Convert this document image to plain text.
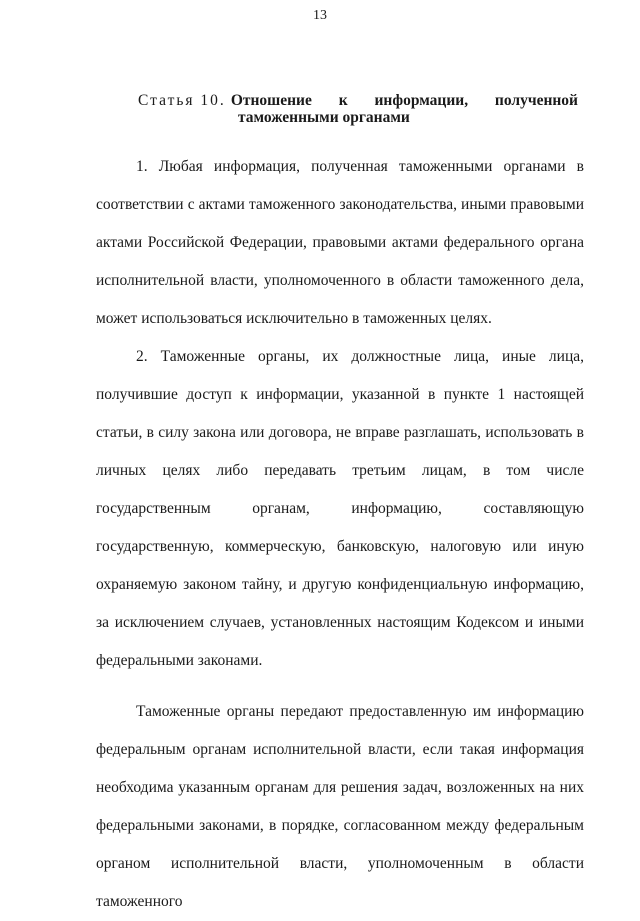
13
Статья 10. Отношение к информации, полученной
таможенными органами

1. Любая информация, полученная таможенными органами в соответствии с актами таможенного законодательства, иными правовыми актами Российской Федерации, правовыми актами федерального органа исполнительной власти, уполномоченного в области таможенного дела, может использоваться исключительно в таможенных целях.

2. Таможенные органы, их должностные лица, иные лица, получившие доступ к информации, указанной в пункте 1 настоящей статьи, в силу закона или договора, не вправе разглашать, использовать в личных целях либо передавать третьим лицам, в том числе государственным органам, информацию, составляющую государственную, коммерческую, банковскую, налоговую или иную охраняемую законом тайну, и другую конфиденциальную информацию, за исключением случаев, установленных настоящим Кодексом и иными федеральными законами.

Таможенные органы передают предоставленную им информацию федеральным органам исполнительной власти, если такая информация необходима указанным органам для решения задач, возложенных на них федеральными законами, в порядке, согласованном между федеральным органом исполнительной власти, уполномоченным в области таможенного
